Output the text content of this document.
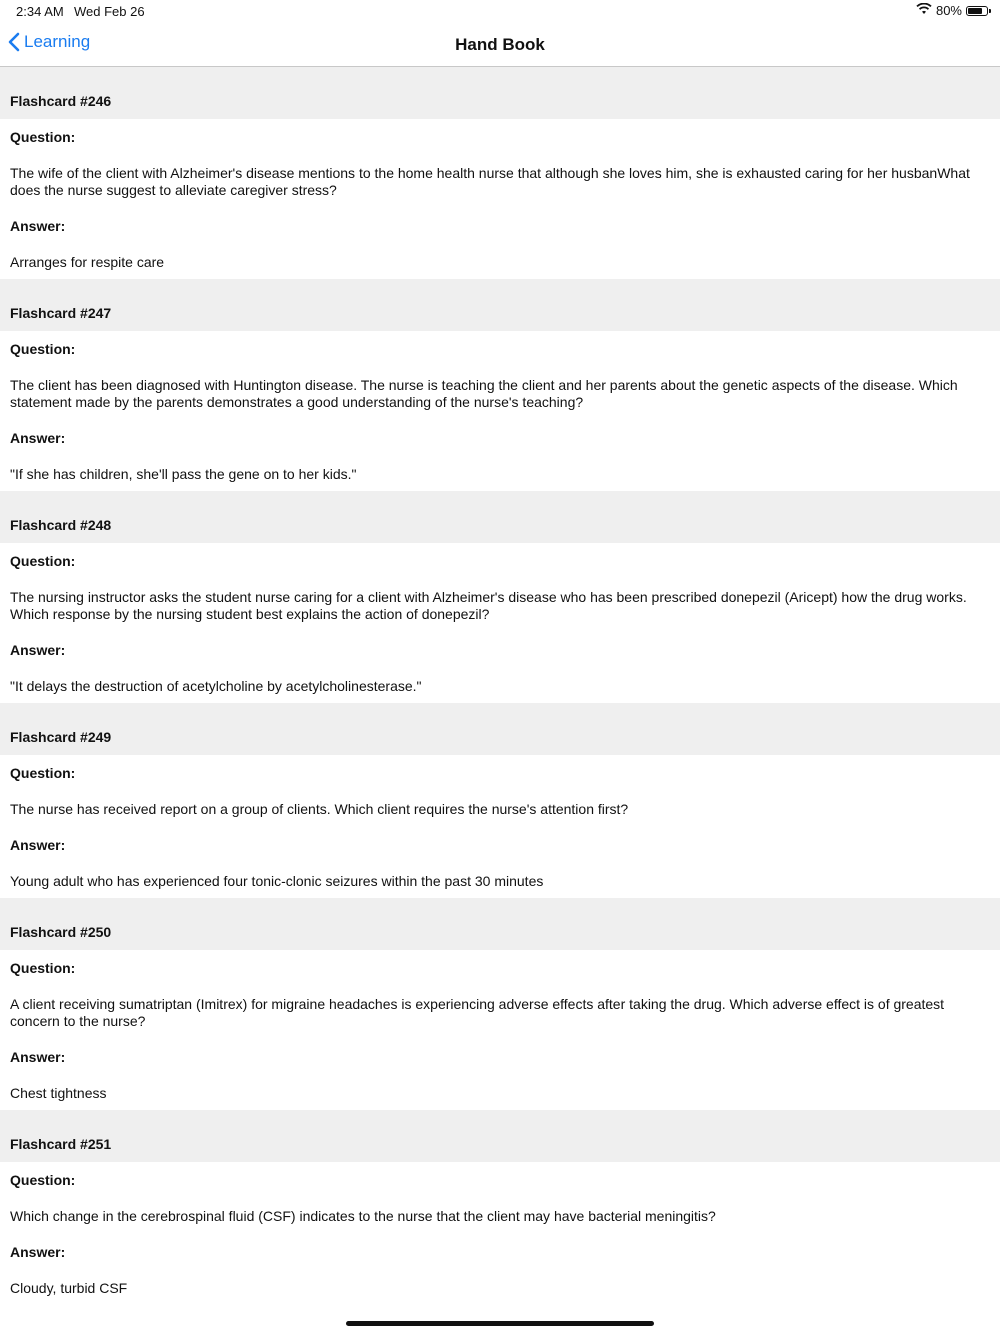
2:34 AM Wed Feb 26	80%
Learning	Hand Book
Flashcard #246
Question:
The wife of the client with Alzheimer's disease mentions to the home health nurse that although she loves him, she is exhausted caring for her husbanWhat does the nurse suggest to alleviate caregiver stress?
Answer:
Arranges for respite care
Flashcard #247
Question:
The client has been diagnosed with Huntington disease. The nurse is teaching the client and her parents about the genetic aspects of the disease. Which statement made by the parents demonstrates a good understanding of the nurse's teaching?
Answer:
"If she has children, she'll pass the gene on to her kids."
Flashcard #248
Question:
The nursing instructor asks the student nurse caring for a client with Alzheimer's disease who has been prescribed donepezil (Aricept) how the drug works. Which response by the nursing student best explains the action of donepezil?
Answer:
"It delays the destruction of acetylcholine by acetylcholinesterase."
Flashcard #249
Question:
The nurse has received report on a group of clients. Which client requires the nurse's attention first?
Answer:
Young adult who has experienced four tonic-clonic seizures within the past 30 minutes
Flashcard #250
Question:
A client receiving sumatriptan (Imitrex) for migraine headaches is experiencing adverse effects after taking the drug. Which adverse effect is of greatest concern to the nurse?
Answer:
Chest tightness
Flashcard #251
Question:
Which change in the cerebrospinal fluid (CSF) indicates to the nurse that the client may have bacterial meningitis?
Answer:
Cloudy, turbid CSF
